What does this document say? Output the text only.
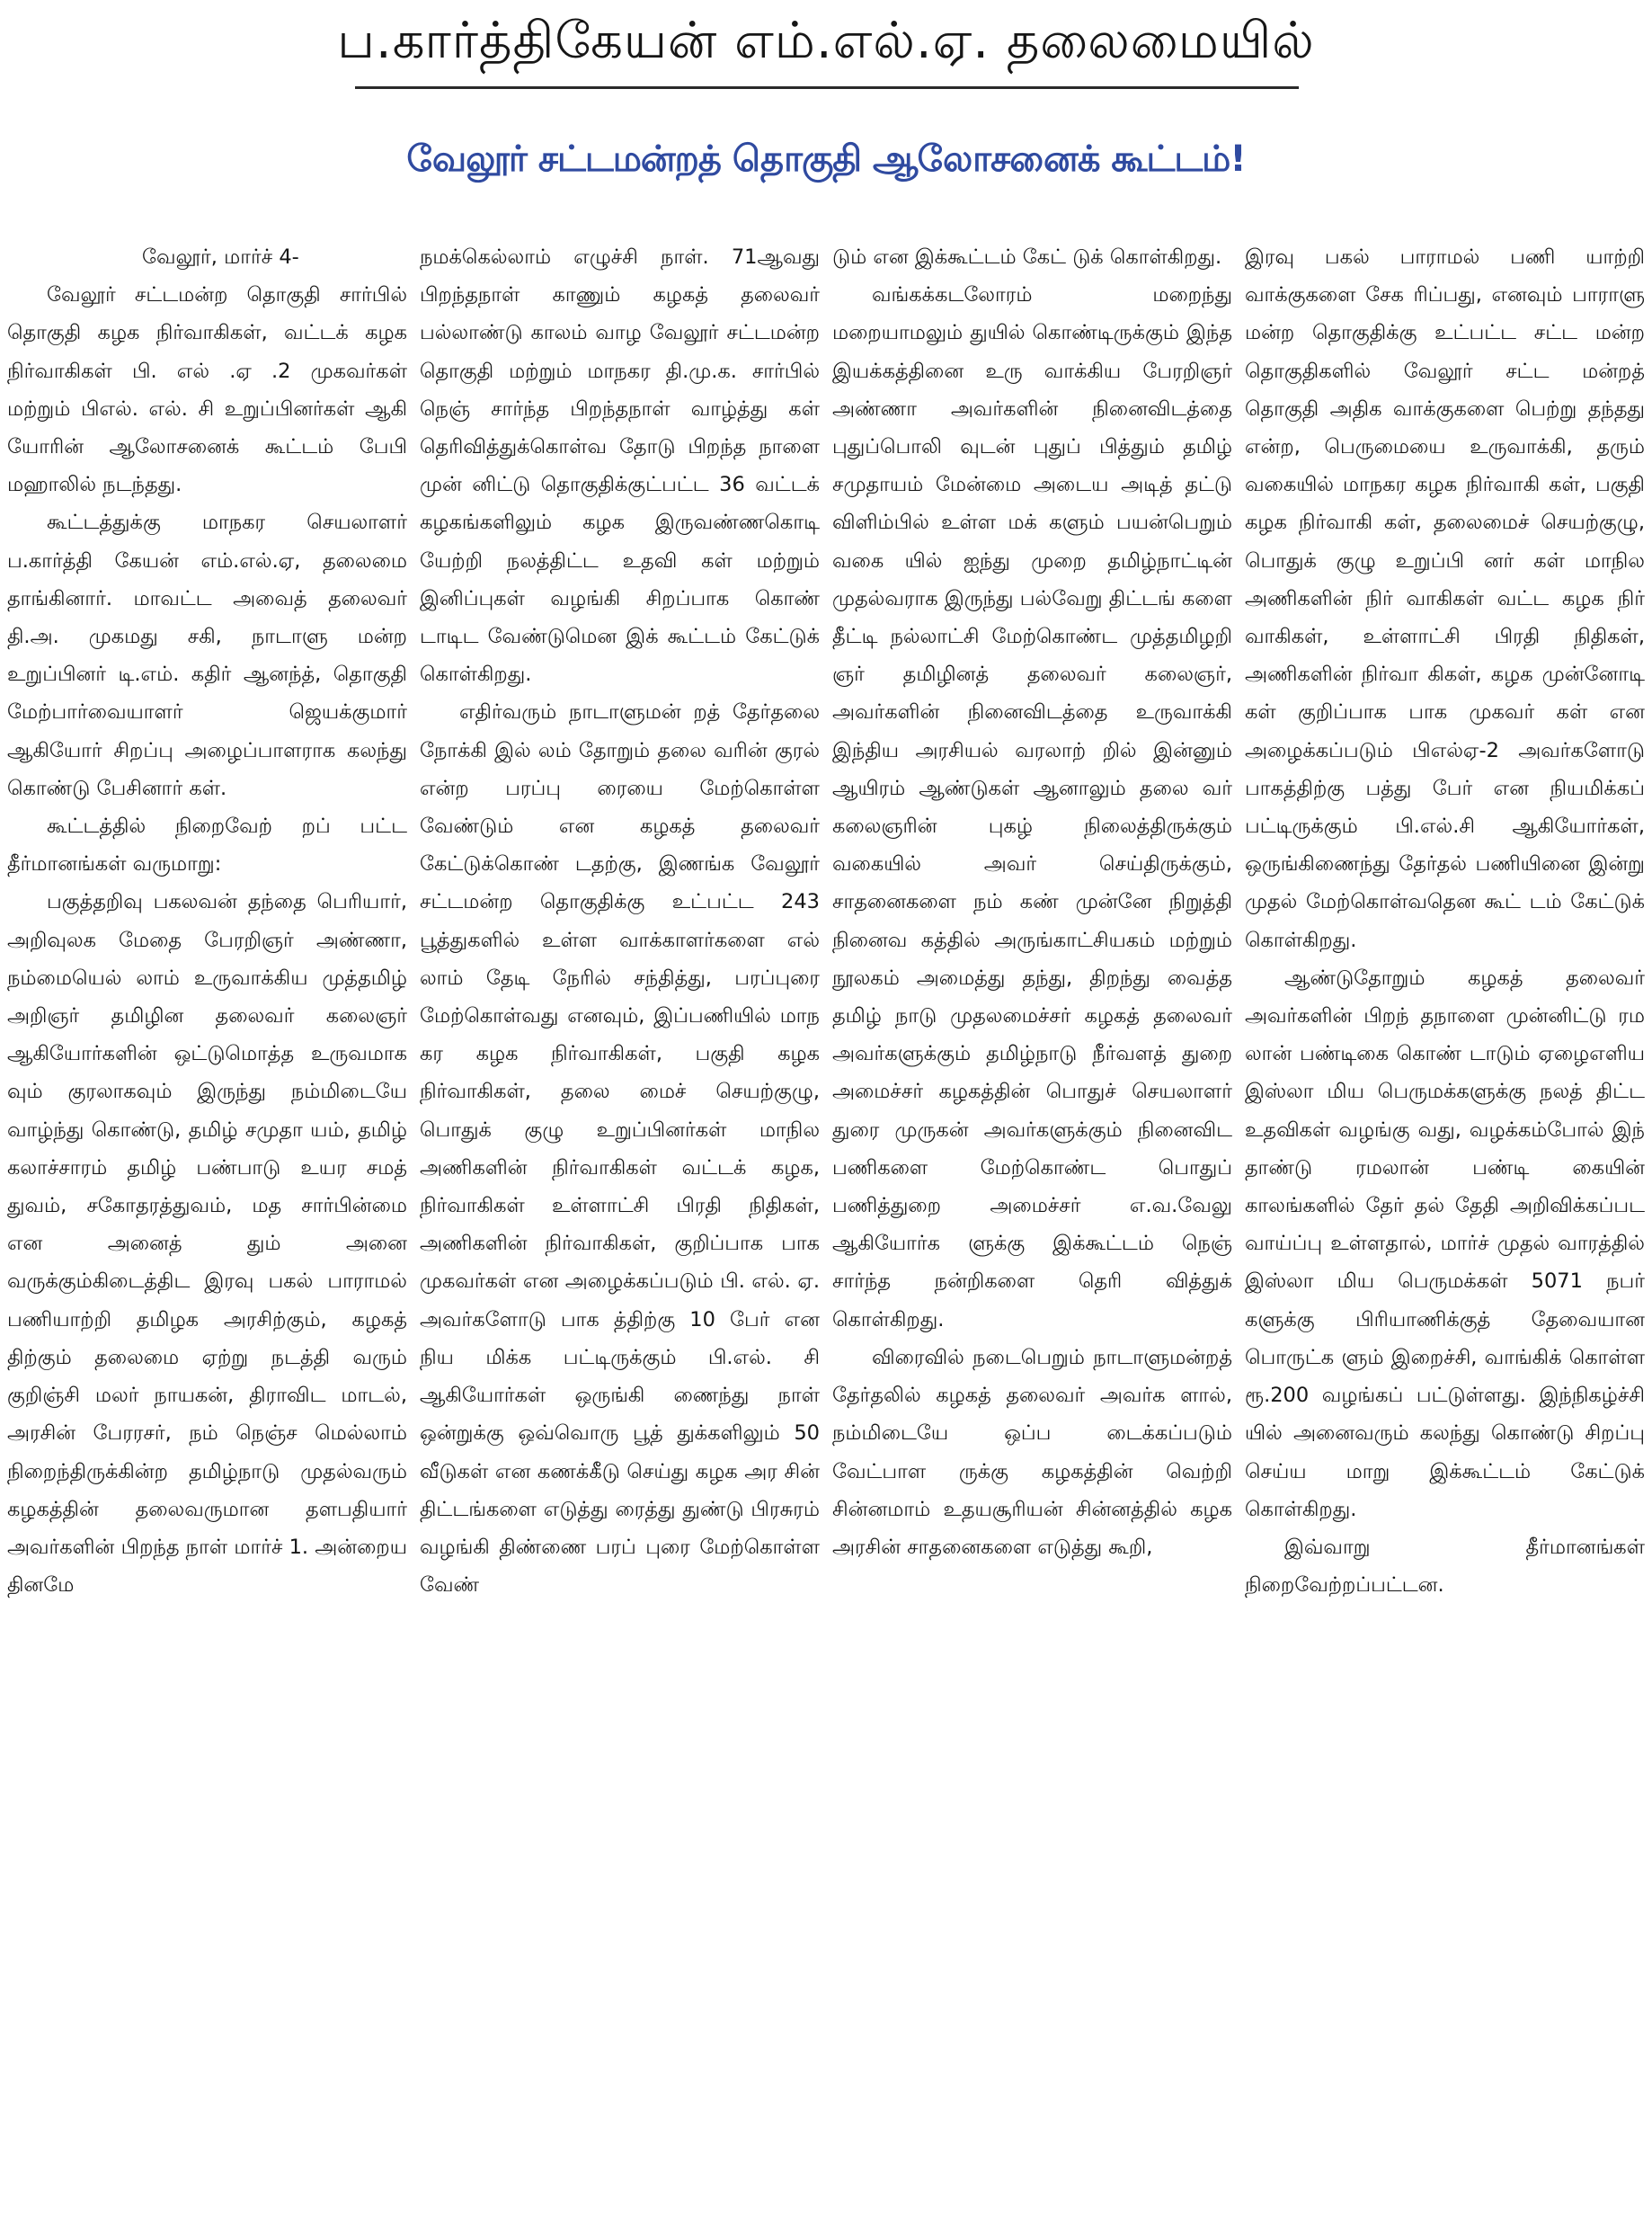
ப.கார்த்திகேயன் எம்.எல்.ஏ. தலைமையில்
வேலூர் சட்டமன்றத் தொகுதி ஆலோசனைக் கூட்டம்!

வேலூர், மார்ச் 4-

வேலூர் சட்டமன்ற தொகுதி சார்பில் தொகுதி கழக நிர்வாகிகள், வட்டக் கழக நிர்வாகிகள் பி. எல் .ஏ .2 முகவர்கள் மற்றும் பிஎல். எல். சி உறுப்பினர்கள் ஆகி யோரின் ஆலோசனைக் கூட்டம் பேபி மஹாலில் நடந்தது.

கூட்டத்துக்கு மாநகர செயலாளர் ப.கார்த்தி கேயன் எம்.எல்.ஏ, தலைமை தாங்கினார். மாவட்ட அவைத் தலைவர் தி.அ. முகமது சகி, நாடாளு மன்ற உறுப்பினர் டி.எம். கதிர் ஆனந்த், தொகுதி மேற்பார்வையாளர் ஜெயக்குமார் ஆகியோர் சிறப்பு அழைப்பாளராக கலந்து கொண்டு பேசினார் கள்.

கூட்டத்தில் நிறைவேற் றப் பட்ட தீர்மானங்கள் வருமாறு:

பகுத்தறிவு பகலவன் தந்தை பெரியார், அறிவுலக மேதை பேரறிஞர் அண்ணா, நம்மையெல் லாம் உருவாக்கிய முத்தமிழ் அறிஞர் தமிழின தலைவர் கலைஞர் ஆகியோர்களின் ஒட்டுமொத்த உருவமாக வும் குரலாகவும் இருந்து நம்மிடையே வாழ்ந்து கொண்டு, தமிழ் சமுதா யம், தமிழ் கலாச்சாரம் தமிழ் பண்பாடு உயர சமத் துவம், சகோதரத்துவம், மத சார்பின்மை என அனைத் தும் அனை வருக்கும்கிடைத்திட இரவு பகல் பாராமல் பணியாற்றி தமிழக அரசிற்கும், கழகத் திற்கும் தலைமை ஏற்று நடத்தி வரும் குறிஞ்சி மலர் நாயகன், திராவிட மாடல், அரசின் பேரரசர், நம் நெஞ்ச மெல்லாம் நிறைந்திருக்கின்ற தமிழ்நாடு முதல்வரும் கழகத்தின் தலைவருமான தளபதியார் அவர்களின் பிறந்த நாள் மார்ச் 1. அன்றைய தினமே

நமக்கெல்லாம் எழுச்சி நாள். 71ஆவது பிறந்தநாள் காணும் கழகத் தலைவர் பல்லாண்டு காலம் வாழ வேலூர் சட்டமன்ற தொகுதி மற்றும் மாநகர தி.மு.க. சார்பில் நெஞ் சார்ந்த பிறந்தநாள் வாழ்த்து கள் தெரிவித்துக்கொள்வ தோடு பிறந்த நாளை முன் னிட்டு தொகுதிக்குட்பட்ட 36 வட்டக் கழகங்களிலும் கழக இருவண்ணகொடி யேற்றி நலத்திட்ட உதவி கள் மற்றும் இனிப்புகள் வழங்கி சிறப்பாக கொண் டாடிட வேண்டுமென இக் கூட்டம் கேட்டுக் கொள்கிறது.

எதிர்வரும் நாடாளுமன் றத் தேர்தலை நோக்கி இல் லம் தோறும் தலை வரின் குரல் என்ற பரப்பு ரையை மேற்கொள்ள வேண்டும் என கழகத் தலைவர் கேட்டுக்கொண் டதற்கு, இணங்க வேலூர் சட்டமன்ற தொகுதிக்கு உட்பட்ட 243 பூத்துகளில் உள்ள வாக்காளர்களை எல் லாம் தேடி நேரில் சந்தித்து, பரப்புரை மேற்கொள்வது எனவும், இப்பணியில் மாந கர கழக நிர்வாகிகள், பகுதி கழக நிர்வாகிகள், தலை மைச் செயற்குழு, பொதுக் குழு உறுப்பினர்கள் மாநில அணிகளின் நிர்வாகிகள் வட்டக் கழக, நிர்வாகிகள் உள்ளாட்சி பிரதி நிதிகள், அணிகளின் நிர்வாகிகள், குறிப்பாக பாக முகவர்கள் என அழைக்கப்படும் பி. எல். ஏ. அவர்களோடு பாக த்திற்கு 10 பேர் என நிய மிக்க பட்டிருக்கும் பி.எல். சி ஆகியோர்கள் ஒருங்கி ணைந்து நாள் ஒன்றுக்கு ஒவ்வொரு பூத் துக்களிலும் 50 வீடுகள் என கணக்கீடு செய்து கழக அர சின் திட்டங்களை எடுத்து ரைத்து துண்டு பிரசுரம் வழங்கி திண்ணை பரப் புரை மேற்கொள்ள வேண்

டும் என இக்கூட்டம் கேட் டுக் கொள்கிறது.

வங்கக்கடலோரம் மறைந்து மறையாமலும் துயில் கொண்டிருக்கும் இந்த இயக்கத்தினை உரு வாக்கிய பேரறிஞர் அண்ணா அவர்களின் நினைவிடத்தை புதுப்பொலி வுடன் புதுப் பித்தும் தமிழ் சமுதாயம் மேன்மை அடைய அடித் தட்டு விளிம்பில் உள்ள மக் களும் பயன்பெறும் வகை யில் ஐந்து முறை தமிழ்நாட்டின் முதல்வராக இருந்து பல்வேறு திட்டங் களை தீட்டி நல்லாட்சி மேற்கொண்ட முத்தமிழறி ஞர் தமிழினத் தலைவர் கலைஞர், அவர்களின் நினைவிடத்தை உருவாக்கி இந்திய அரசியல் வரலாற் றில் இன்னும் ஆயிரம் ஆண்டுகள் ஆனாலும் தலை வர் கலைஞரின் புகழ் நிலைத்திருக்கும் வகையில் அவர் செய்திருக்கும், சாதனைகளை நம் கண் முன்னே நிறுத்தி நினைவ கத்தில் அருங்காட்சியகம் மற்றும் நூலகம் அமைத்து தந்து, திறந்து வைத்த தமிழ் நாடு முதலமைச்சர் கழகத் தலைவர் அவர்களுக்கும் தமிழ்நாடு நீர்வளத் துறை அமைச்சர் கழகத்தின் பொதுச் செயலாளர் துரை முருகன் அவர்களுக்கும் நினைவிட பணிகளை மேற்கொண்ட பொதுப் பணித்துறை அமைச்சர் எ.வ.வேலு ஆகியோர்க ளுக்கு இக்கூட்டம் நெஞ் சார்ந்த நன்றிகளை தெரி வித்துக் கொள்கிறது.

விரைவில் நடைபெறும் நாடாளுமன்றத் தேர்தலில் கழகத் தலைவர் அவர்க ளால், நம்மிடையே ஒப்ப டைக்கப்படும் வேட்பாள ருக்கு கழகத்தின் வெற்றி சின்னமாம் உதயசூரியன் சின்னத்தில் கழக அரசின் சாதனைகளை எடுத்து கூறி,

இரவு பகல் பாராமல் பணி யாற்றி வாக்குகளை சேக ரிப்பது, எனவும் பாராளு மன்ற தொகுதிக்கு உட்பட்ட சட்ட மன்ற தொகுதிகளில் வேலூர் சட்ட மன்றத் தொகுதி அதிக வாக்குகளை பெற்று தந்தது என்ற, பெருமையை உருவாக்கி, தரும் வகையில் மாநகர கழக நிர்வாகி கள், பகுதி கழக நிர்வாகி கள், தலைமைச் செயற்குழு, பொதுக் குழு உறுப்பி னர் கள் மாநில அணிகளின் நிர் வாகிகள் வட்ட கழக நிர் வாகிகள், உள்ளாட்சி பிரதி நிதிகள், அணிகளின் நிர்வா கிகள், கழக முன்னோடி கள் குறிப்பாக பாக முகவர் கள் என அழைக்கப்படும் பிஎல்ஏ-2 அவர்களோடு பாகத்திற்கு பத்து பேர் என நியமிக்கப் பட்டிருக்கும் பி.எல்.சி ஆகியோர்கள், ஒருங்கிணைந்து தேர்தல் பணியினை இன்று முதல் மேற்கொள்வதென கூட் டம் கேட்டுக் கொள்கிறது.

ஆண்டுதோறும் கழகத் தலைவர் அவர்களின் பிறந் தநாளை முன்னிட்டு ரம லான் பண்டிகை கொண் டாடும் ஏழைஎளிய இஸ்லா மிய பெருமக்களுக்கு நலத் திட்ட உதவிகள் வழங்கு வது, வழக்கம்போல் இந் தாண்டு ரமலான் பண்டி கையின் காலங்களில் தேர் தல் தேதி அறிவிக்கப்பட வாய்ப்பு உள்ளதால், மார்ச் முதல் வாரத்தில் இஸ்லா மிய பெருமக்கள் 5071 நபர் களுக்கு பிரியாணிக்குத் தேவையான பொருட்க ளும் இறைச்சி, வாங்கிக் கொள்ள ரூ.200 வழங்கப் பட்டுள்ளது. இந்நிகழ்ச்சி யில் அனைவரும் கலந்து கொண்டு சிறப்பு செய்ய மாறு இக்கூட்டம் கேட்டுக் கொள்கிறது.

இவ்வாறு தீர்மானங்கள் நிறைவேற்றப்பட்டன.
